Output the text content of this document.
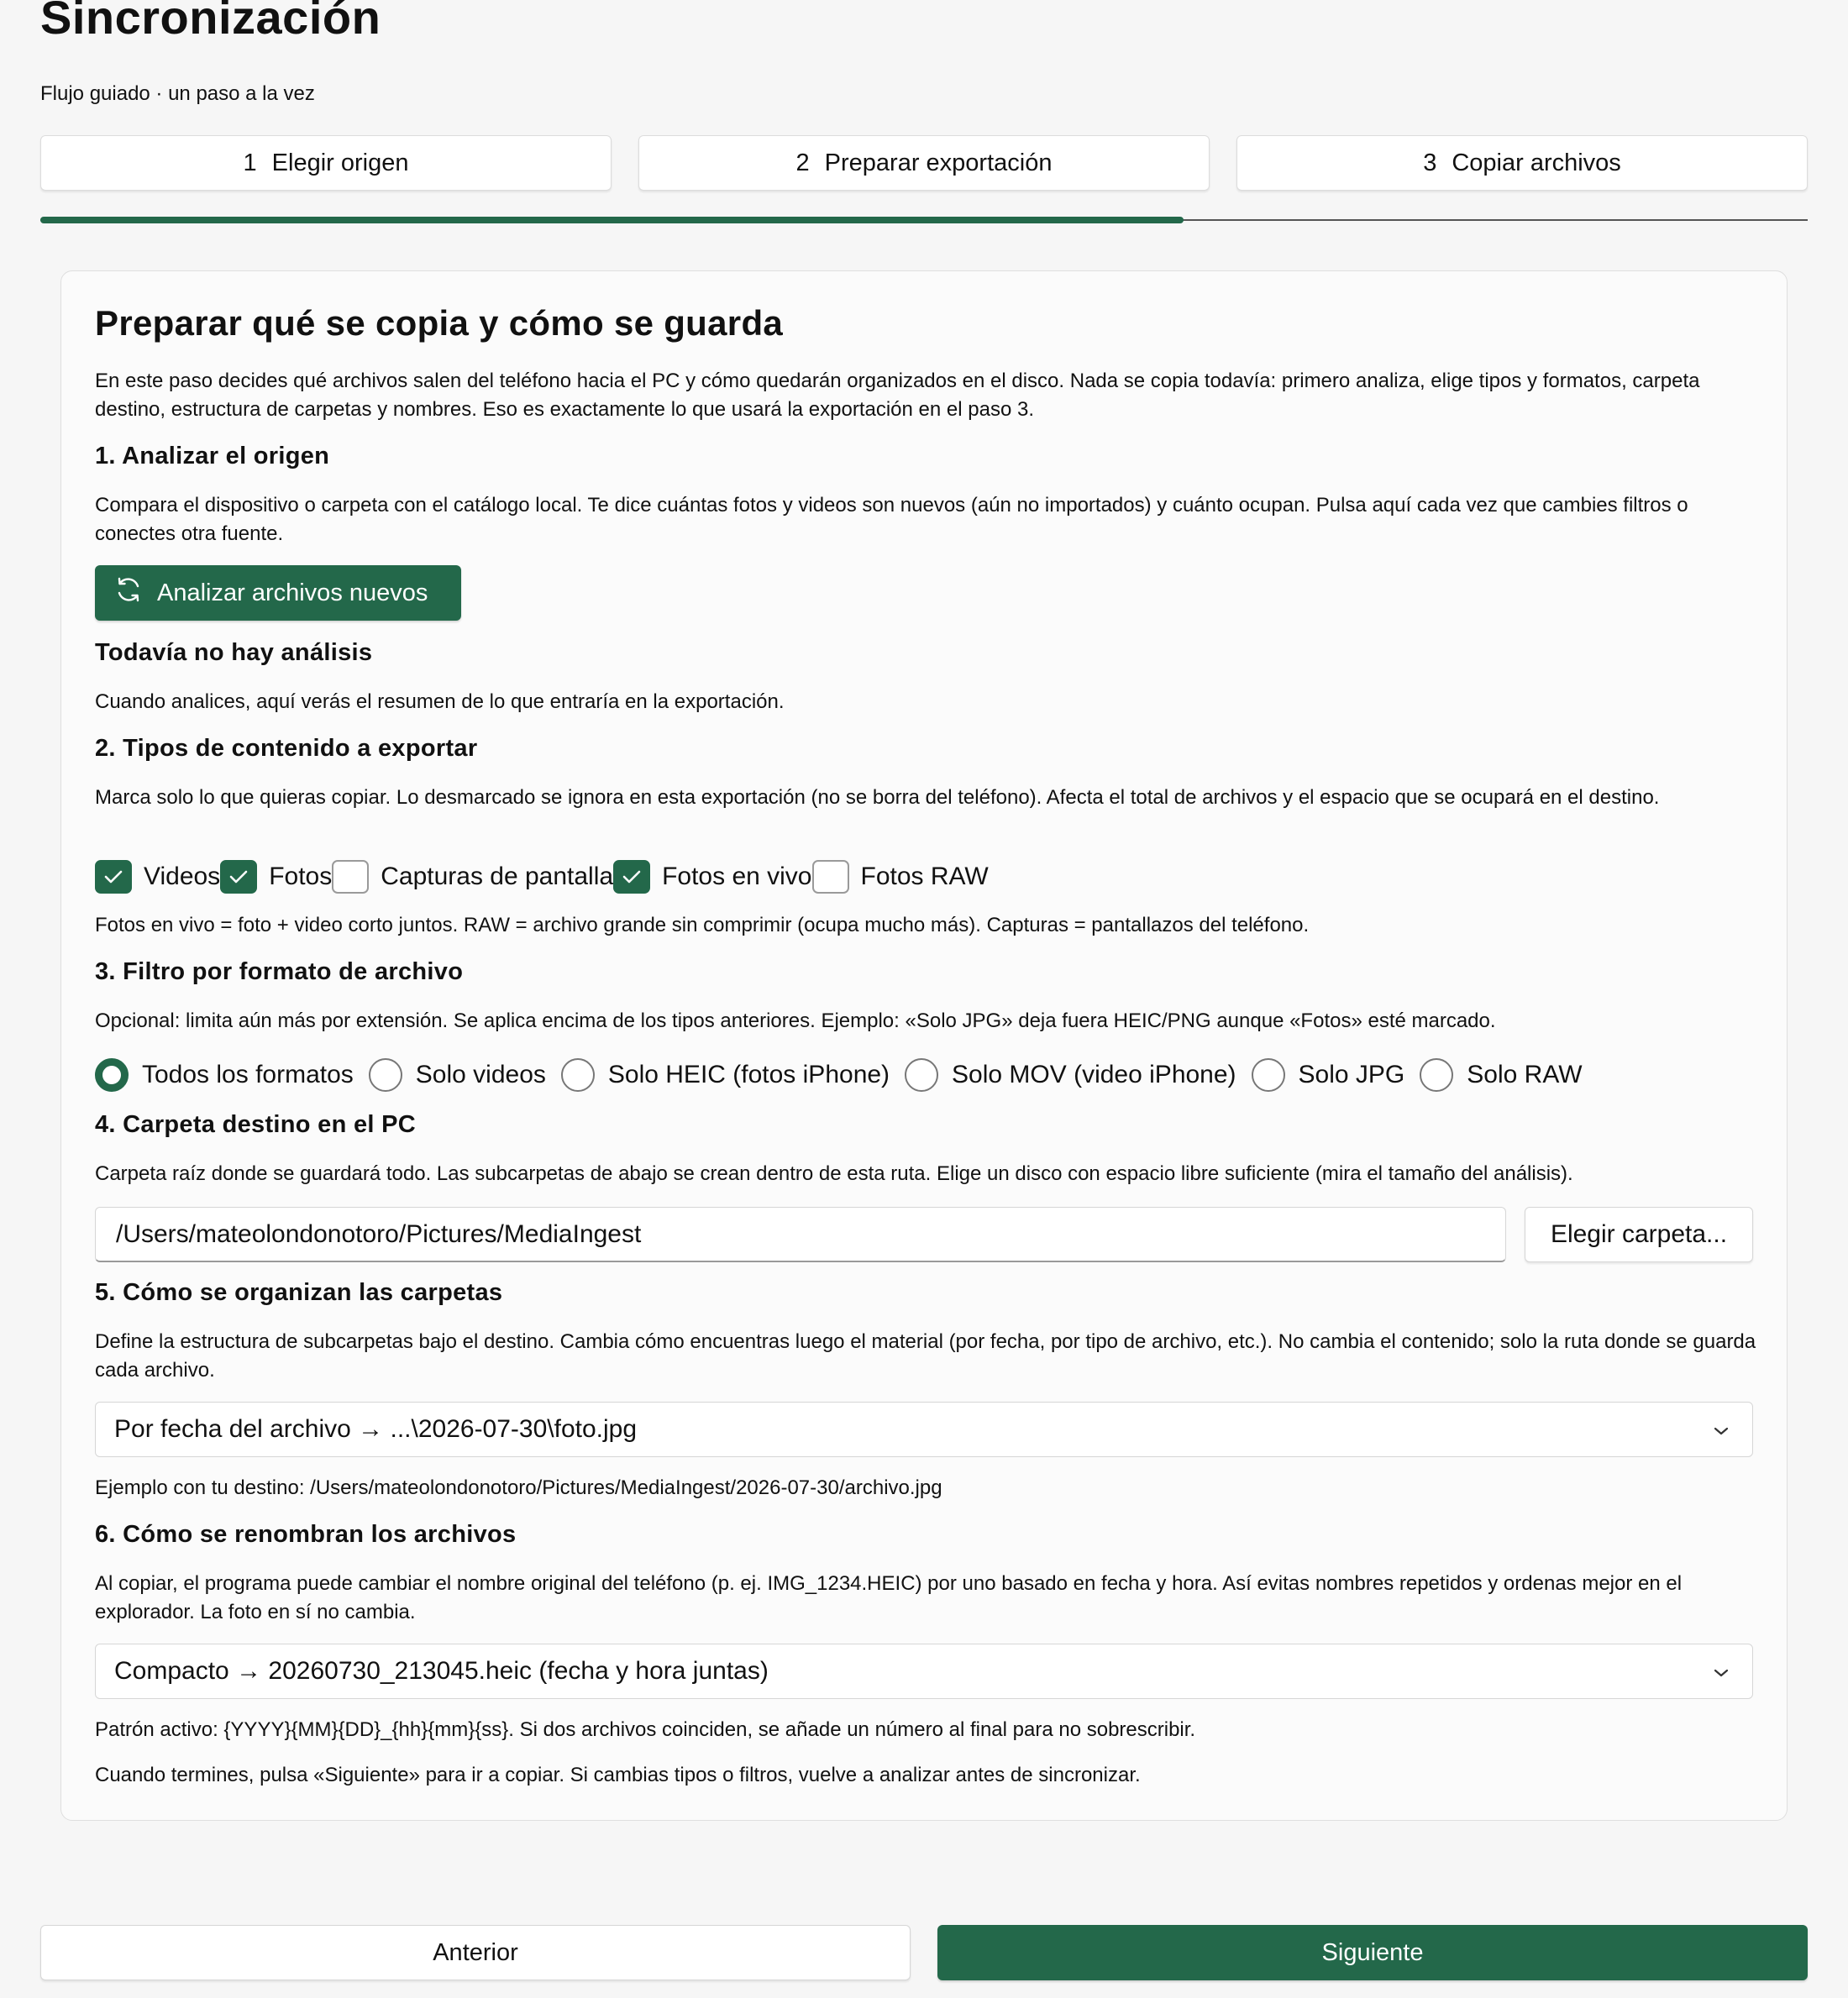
Sincronización
Flujo guiado · un paso a la vez
1 Elegir origen	2 Preparar exportación	3 Copiar archivos
Preparar qué se copia y cómo se guarda
En este paso decides qué archivos salen del teléfono hacia el PC y cómo quedarán organizados en el disco. Nada se copia todavía: primero analiza, elige tipos y formatos, carpeta destino, estructura de carpetas y nombres. Eso es exactamente lo que usará la exportación en el paso 3.
1. Analizar el origen
Compara el dispositivo o carpeta con el catálogo local. Te dice cuántas fotos y videos son nuevos (aún no importados) y cuánto ocupan. Pulsa aquí cada vez que cambies filtros o conectes otra fuente.
Analizar archivos nuevos
Todavía no hay análisis
Cuando analices, aquí verás el resumen de lo que entraría en la exportación.
2. Tipos de contenido a exportar
Marca solo lo que quieras copiar. Lo desmarcado se ignora en esta exportación (no se borra del teléfono). Afecta el total de archivos y el espacio que se ocupará en el destino.
Videos Fotos Capturas de pantalla Fotos en vivo Fotos RAW
Fotos en vivo = foto + video corto juntos. RAW = archivo grande sin comprimir (ocupa mucho más). Capturas = pantallazos del teléfono.
3. Filtro por formato de archivo
Opcional: limita aún más por extensión. Se aplica encima de los tipos anteriores. Ejemplo: «Solo JPG» deja fuera HEIC/PNG aunque «Fotos» esté marcado.
Todos los formatos Solo videos Solo HEIC (fotos iPhone) Solo MOV (video iPhone) Solo JPG Solo RAW
4. Carpeta destino en el PC
Carpeta raíz donde se guardará todo. Las subcarpetas de abajo se crean dentro de esta ruta. Elige un disco con espacio libre suficiente (mira el tamaño del análisis).
/Users/mateolondonotoro/Pictures/MediaIngest	Elegir carpeta...
5. Cómo se organizan las carpetas
Define la estructura de subcarpetas bajo el destino. Cambia cómo encuentras luego el material (por fecha, por tipo de archivo, etc.). No cambia el contenido; solo la ruta donde se guarda cada archivo.
Por fecha del archivo → ...\2026-07-30\foto.jpg
Ejemplo con tu destino: /Users/mateolondonotoro/Pictures/MediaIngest/2026-07-30/archivo.jpg
6. Cómo se renombran los archivos
Al copiar, el programa puede cambiar el nombre original del teléfono (p. ej. IMG_1234.HEIC) por uno basado en fecha y hora. Así evitas nombres repetidos y ordenas mejor en el explorador. La foto en sí no cambia.
Compacto → 20260730_213045.heic (fecha y hora juntas)
Patrón activo: {YYYY}{MM}{DD}_{hh}{mm}{ss}. Si dos archivos coinciden, se añade un número al final para no sobrescribir.
Cuando termines, pulsa «Siguiente» para ir a copiar. Si cambias tipos o filtros, vuelve a analizar antes de sincronizar.
Anterior	Siguiente
